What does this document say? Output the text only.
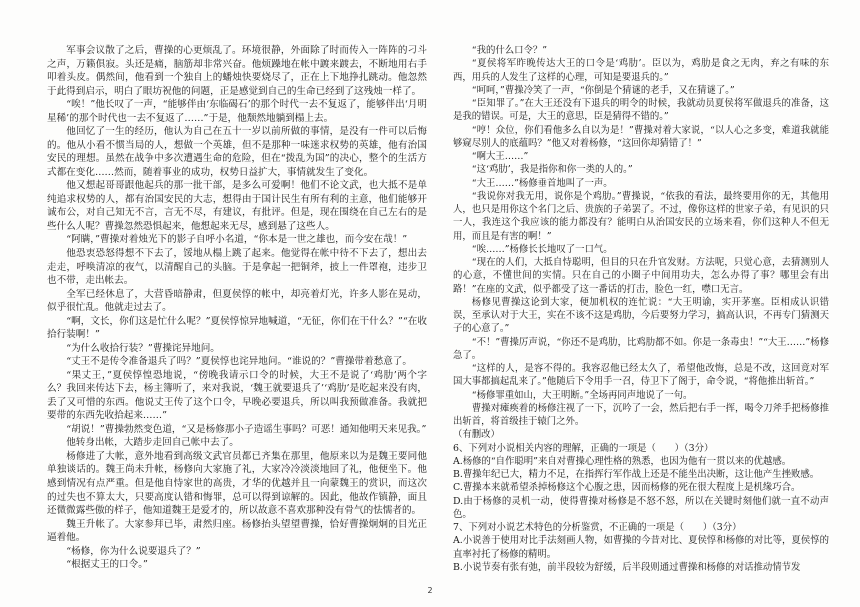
军事会议散了之后，曹操的心更烦乱了。环境很静，外面除了时而传入一阵阵的刁斗之声，万籁俱寂。头还是痛，脑筋却非常兴奋。他烦躁地在帐中踱来踱去，不断地用右手叩着头皮。偶然间，他看到一个独自上的蟠烛快要烧尽了，正在上下地挣扎跳动。他忽然于此得到启示，明白了眼坊祝他的问题，正是感觉到自己的生命已经到了这残烛一样了。

“唉！”他长叹了一声，“能够伴由‘东临碣石’的那个时代一去不复返了，能够伴出‘月明星稀’的那个时代也一去不复返了……”于是，他颓然地躺到榻上去。

他回忆了一生的经历，他认为自己在五十一岁以前所做的事情，是没有一件可以后悔的。他从小看不惯当局的人，想做一个英雄，但不是那种一味迷求权势的英雄，他有治国安民的理想。虽然在战争中多次遭遇生命的危险，但在“拨乱为国”的决心，整个的生活方式都在变化……然而，随着事业的成功，权势日益扩大，事情就发生了变化。

他又想起哥哥跟他起兵的那一批干部，是多么可爱啊！他们不论文武，也大抵不是单纯追求权势的人，都有治国安民的大志，想得由于国计民生有所有利的主意，他们能够开诚布公，对自己知无不言，言无不尽，有建议，有批评。但是，现在围绕在自己左右的是些什么人呢？曹操忽然恐惧起来，他想起来无尽，感到悬了这些人。

“阿瞒，”曹操对着烛光下的影子自呼小名道，“你本是一世之雄也，而今安在哉！”

他恐衷恐怒得想不下去了，馁地从榻上跳了起来。他觉得在帐中待不下去了，想出去走走，呼唤清凉的夜气，以清醒自己的头脑。于是拿起一把铜斧，披上一件罩袍，违步卫也不带，走出帐去。

全军已经休息了，大营昏暗静肃，但夏侯惇的帐中，却亮着灯光，许多人影在晃动，似乎很忙乱。他就走过去了。

“啊，文长，你们这是忙什么呢？”夏侯惇惊异地喊道，“无征，你们在干什么？”“在收拾行装啊！”

“为什么收拾行装？”曹操诧异地问。

“丈王不是传令准备退兵了吗？”夏侯惇也诧异地问。“谁说的？”曹操带着愁意了。

“果丈王，”夏侯惇惶恐地说，“傍晚我请示口令的时候，大王不是说了‘鸡肋’两个字么？我回来传达下去，杨主簿听了，来对我说，‘魏王就要退兵了’‘鸡肋’是吃起来没有肉，丢了又可惜的东西。他说丈王传了这个口令，早晚必要退兵，所以叫我预做准备。我就把要带的东西先收拾起来……”

“胡说！”曹操勃然变色道，“又是杨修那小子造谣生事吗？可恶！通知他明天来见我。”

他转身出帐，大踏步走回自己帐中去了。

杨修进了大帐，意外地看到高级文武官员都已齐集在那里，他原来以为是魏王要同他单独谈话的。魏王尚未升帐，杨修向大家施了礼，大家冷冷淡淡地回了礼，他便坐下。他感到情况有点严重。但是他自恃家世的高贵，才华的优越并且一向蒙魏王的赏识，而这次的过失也不算太大，只要高度认错和悔罪，总可以得到谅解的。因此，他故作镇静，面且还微微露些傲的样子，他知道魏王是爱才的，所以故意不喜欢那种没有骨气的怯懦者的。

魏王升帐了。大家参拜已毕，肃然归座。杨修抬头望望曹操，恰好曹操炯炯的目光正逼着他。

“杨修，你为什么说要退兵了？”

“根据丈王的口令。”

“我的什么口令？”

“夏侯将军昨晚传达大王的口令是‘鸡肋’。臣以为，鸡肋是食之无肉，弃之有味的东西，用兵的人发生了这样的心理，可知是要退兵的。”

“呵呵，”曹操冷笑了一声，“你倒是个猜谜的老手，又在猜谜了。”

“臣知罪了。”在大王还没有下退兵的明令的时候，我就动员夏侯将军做退兵的准备，这是我的错误。可是，大王的意思，臣是猜得不错的。”

“哼！众位，你们看他多么自以为是！”曹操对着大家说，“以人心之多变，难道我就能够窥尽别人的底蕴吗？”他又对着杨修，“这回你却猜错了！”

“啊大王……”

“这‘鸡肋’，我是指你和你一类的人的。”

“大王……”杨修垂首地叫了一声。

“我说你对我无用，说你是个鸡肋。”曹操说，“依我的看法，最终要用你的无，其他用人，也只是用你这个名门之后、贵族的子弟罢了。不过，像你这样的世家子弟，有见识的只一人，我连这个我应该的能力都没有？能明白从治国安民的立场来看，你们这种人不但无用，而且是有害的啊！”

“唉……”杨修长长地叹了一口气。

“现在的人们，大抵自恃聪明，但目的只在升官发财。方法呢，只觉心意，去猜测别人的心意，不懂世间的实情。只在自己的小圈子中间用功夫，怎么办得了事？哪里会有出路！”在座的文武，似乎都受了这一番话的打击，脸色一红，噤口无言。

杨修见曹操这论到大家，便加机权的连忙说：“大王明谕，实开茅塞。臣相成认识错误，至承认对于大王，实在不该不这是鸡肋，今后要努力学习，搞高认识，不再专门猜测天子的心意了。”

“不！”曹操厉声说，“你还不是鸡肋，比鸡肋都不如。你是一条毒虫！”“大王……”杨修急了。

“这样的人，是容不得的。我容忍他已经太久了，希望他改悔，总是不改，这回竟对军国大事都搞起乱来了。”他随后下令用手一召，侍卫下了阁于，命令说，“将他推出斩首。”

“杨修罪重如山，大王明断。”全场再同声地说了一句。

曹操对瘫痪着的杨修注视了一下，沉吟了一会，然后把右手一挥，喝令刀斧手把杨修推出斩首，将首级挂于辕门之外。

（有删改）

6、下列对小说相关内容的理解，正确的一项是（　　）（3分）

A.杨修的“自作聪明”来自对曹操心理性格的熟悉，也因为他有一贯以来的优越感。

B.曹操年纪已大，精力不足，在指挥行军作战上还是不能坐出决断，这让他产生挫败感。

C.曹操本来就希望杀掉杨修这个心腹之患，因而杨修的死在很大程度上是机缘巧合。

D.由于杨修的灵机一动，使得曹操对杨修是不怒不怒，所以在关键时刻他们就一直不动声色。

7、下列对小说艺术特色的分析鉴赏，不正确的一项是（　　）（3分）

A.小说善于使用对比手法刻画人物，如曹操的今昔对比、夏侯惇和杨修的对比等，夏侯惇的直率衬托了杨修的精明。

B.小说节奏有张有弛，前半段较为舒缓，后半段则通过曹操和杨修的对话推动情节发

2
